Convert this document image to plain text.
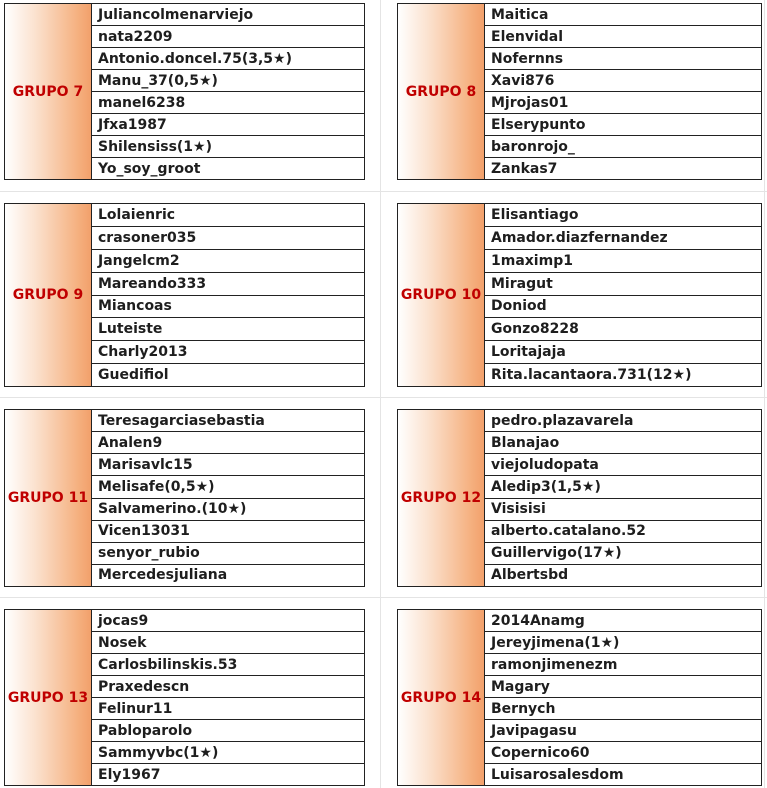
GRUPO 7
Juliancolmenarviejo
nata2209
Antonio.doncel.75(3,5★)
Manu_37(0,5★)
manel6238
Jfxa1987
Shilensiss(1★)
Yo_soy_groot
GRUPO 8
Maitica
Elenvidal
Nofernns
Xavi876
Mjrojas01
Elserypunto
baronrojo_
Zankas7
GRUPO 9
Lolaienric
crasoner035
Jangelcm2
Mareando333
Miancoas
Luteiste
Charly2013
Guedifiol
GRUPO 10
Elisantiago
Amador.diazfernandez
1maximp1
Miragut
Doniod
Gonzo8228
Loritajaja
Rita.lacantaora.731(12★)
GRUPO 11
Teresagarciasebastia
Analen9
Marisavlc15
Melisafe(0,5★)
Salvamerino.(10★)
Vicen13031
senyor_rubio
Mercedesjuliana
GRUPO 12
pedro.plazavarela
Blanajao
viejoludopata
Aledip3(1,5★)
Visisisi
alberto.catalano.52
Guillervigo(17★)
Albertsbd
GRUPO 13
jocas9
Nosek
Carlosbilinskis.53
Praxedescn
Felinur11
Pabloparolo
Sammyvbc(1★)
Ely1967
GRUPO 14
2014Anamg
Jereyjimena(1★)
ramonjimenezm
Magary
Bernych
Javipagasu
Copernico60
Luisarosalesdom
